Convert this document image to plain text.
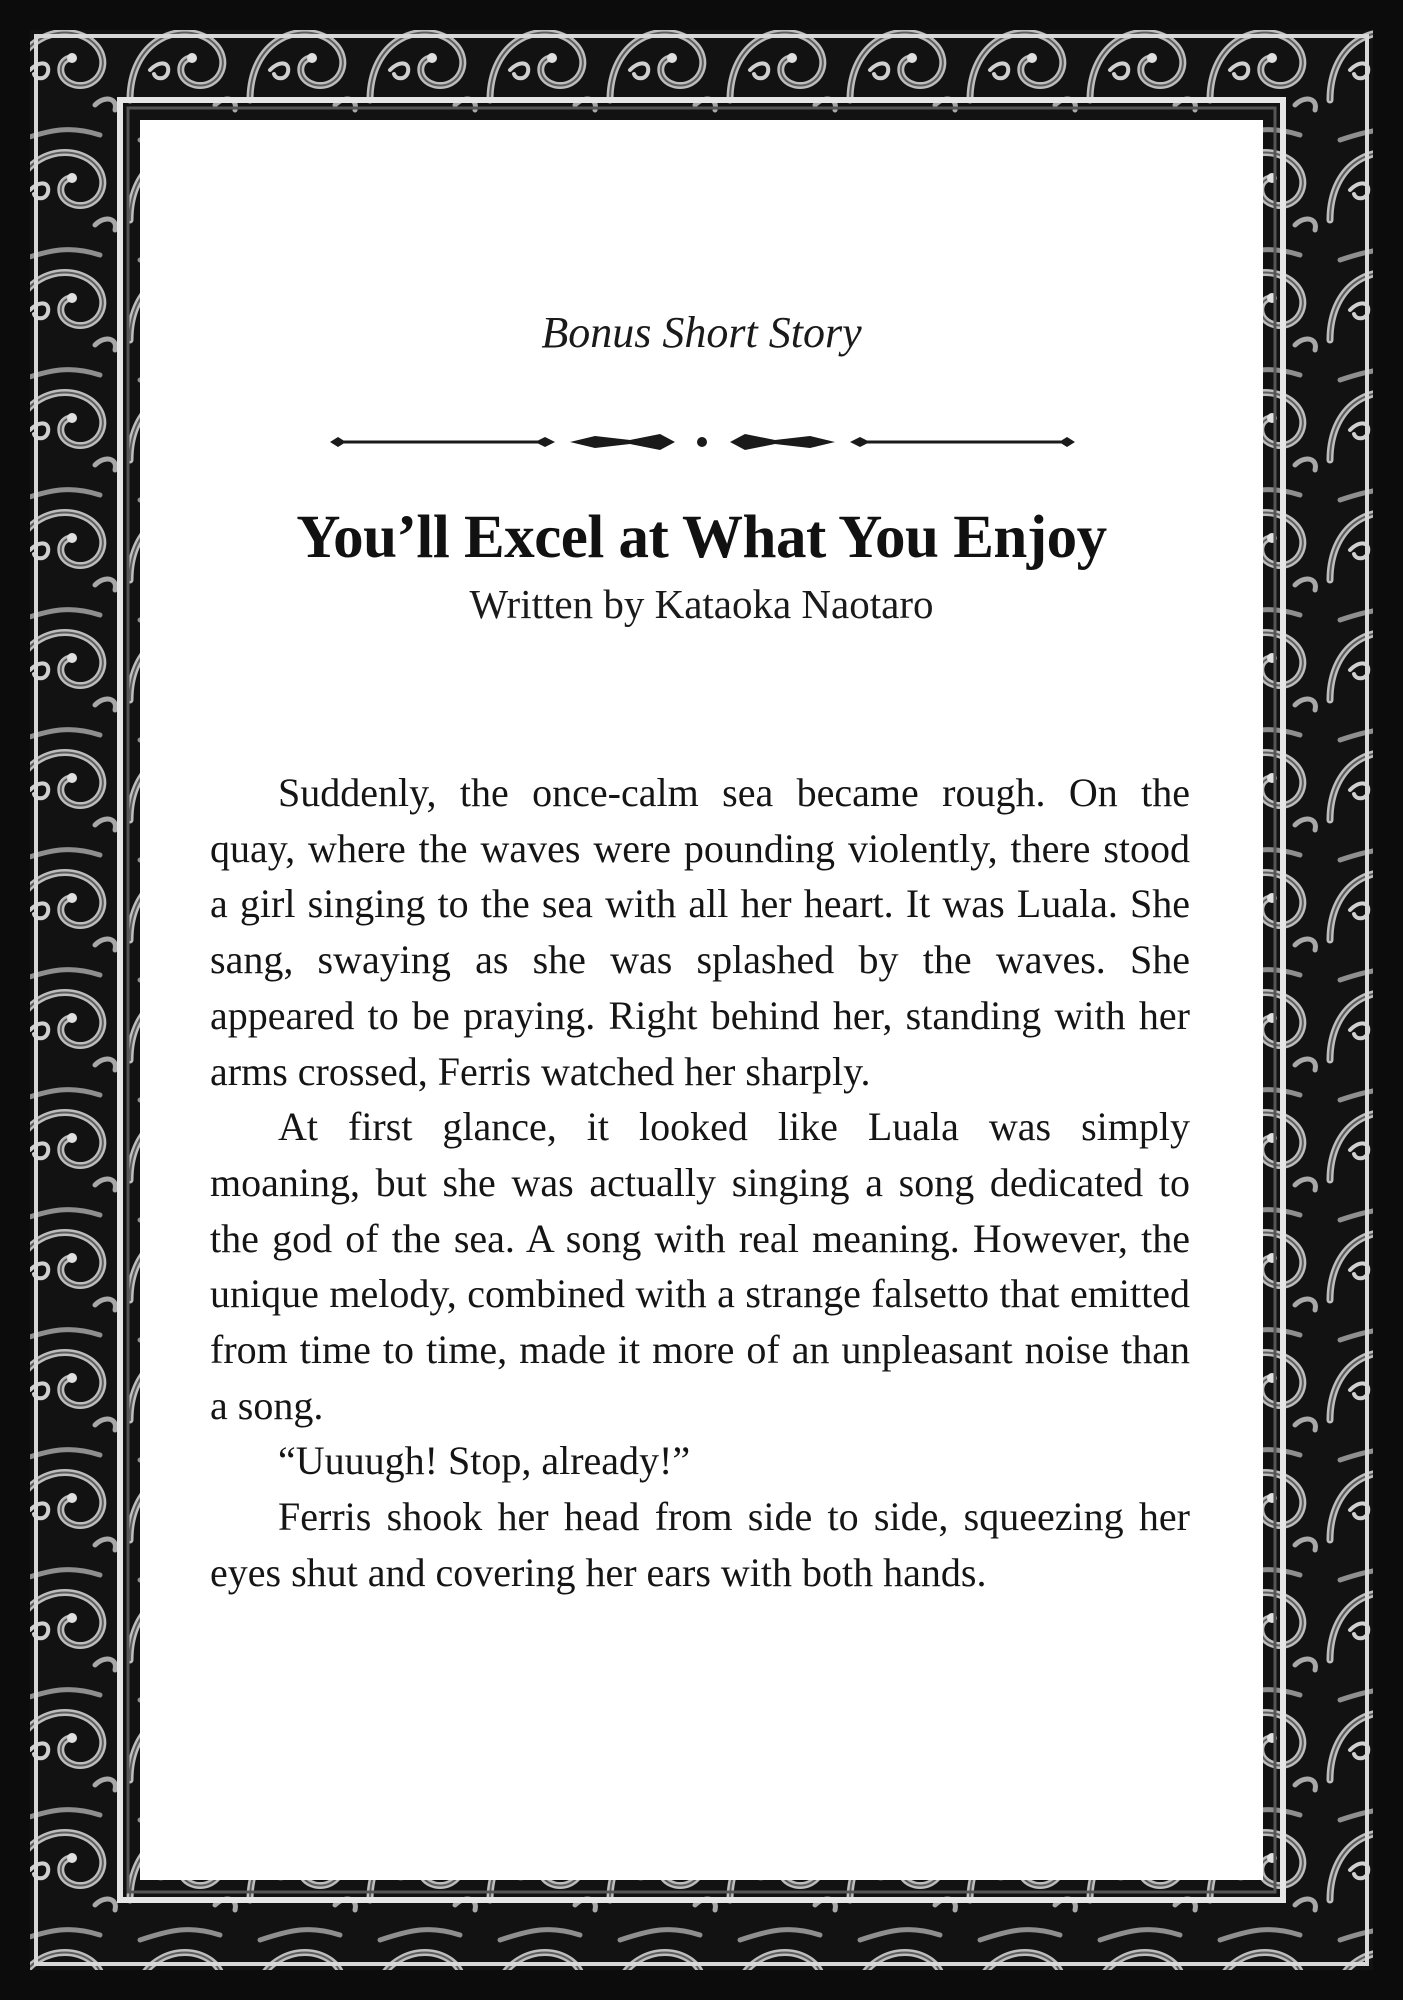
Bonus Short Story
You’ll Excel at What You Enjoy
Written by Kataoka Naotaro

Suddenly, the once-calm sea became rough. On the quay, where the waves were pounding violently, there stood a girl singing to the sea with all her heart. It was Luala. She sang, swaying as she was splashed by the waves. She appeared to be praying. Right behind her, standing with her arms crossed, Ferris watched her sharply.

At first glance, it looked like Luala was simply moaning, but she was actually singing a song dedicated to the god of the sea. A song with real meaning. However, the unique melody, combined with a strange falsetto that emitted from time to time, made it more of an unpleasant noise than a song.

“Uuuugh! Stop, already!”

Ferris shook her head from side to side, squeezing her eyes shut and covering her ears with both hands.
